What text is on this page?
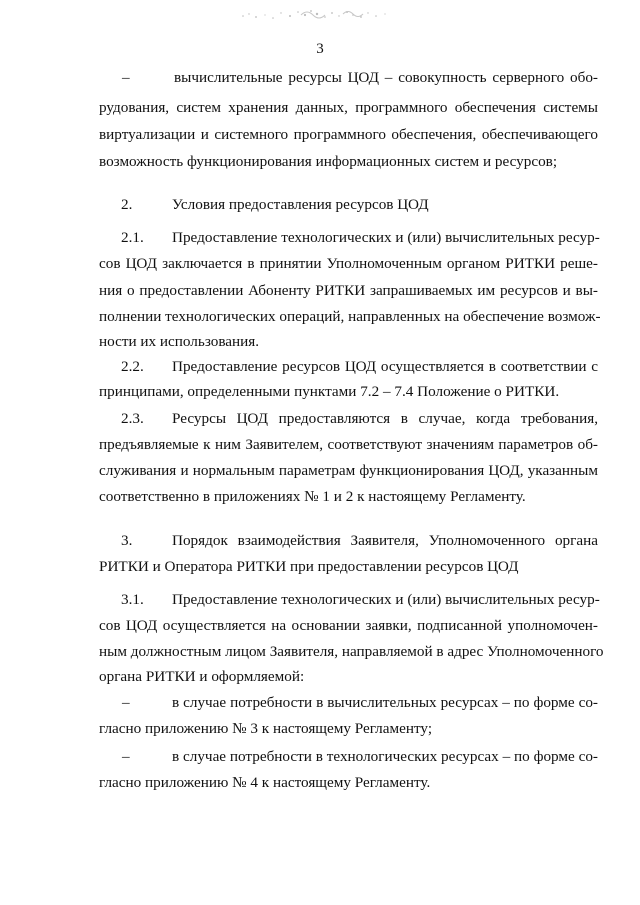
3
–	вычислительные ресурсы ЦОД – совокупность серверного обо-
рудования, систем хранения данных, программного обеспечения системы
виртуализации и системного программного обеспечения, обеспечивающего
возможность функционирования информационных систем и ресурсов;
2.	Условия предоставления ресурсов ЦОД
2.1. Предоставление технологических и (или) вычислительных ресур-
сов ЦОД заключается в принятии Уполномоченным органом РИТКИ реше-
ния о предоставлении Абоненту РИТКИ запрашиваемых им ресурсов и вы-
полнении технологических операций, направленных на обеспечение возмож-
ности их использования.
2.2. Предоставление ресурсов ЦОД осуществляется в соответствии с
принципами, определенными пунктами 7.2 – 7.4 Положение о РИТКИ.
2.3. Ресурсы ЦОД предоставляются в случае, когда требования,
предъявляемые к ним Заявителем, соответствуют значениям параметров об-
служивания и нормальным параметрам функционирования ЦОД, указанным
соответственно в приложениях № 1 и 2 к настоящему Регламенту.
3.	Порядок взаимодействия Заявителя, Уполномоченного органа
РИТКИ и Оператора РИТКИ при предоставлении ресурсов ЦОД
3.1. Предоставление технологических и (или) вычислительных ресур-
сов ЦОД осуществляется на основании заявки, подписанной уполномочен-
ным должностным лицом Заявителя, направляемой в адрес Уполномоченного
органа РИТКИ и оформляемой:
–	в случае потребности в вычислительных ресурсах – по форме со-
гласно приложению № 3 к настоящему Регламенту;
–	в случае потребности в технологических ресурсах – по форме со-
гласно приложению № 4 к настоящему Регламенту.
